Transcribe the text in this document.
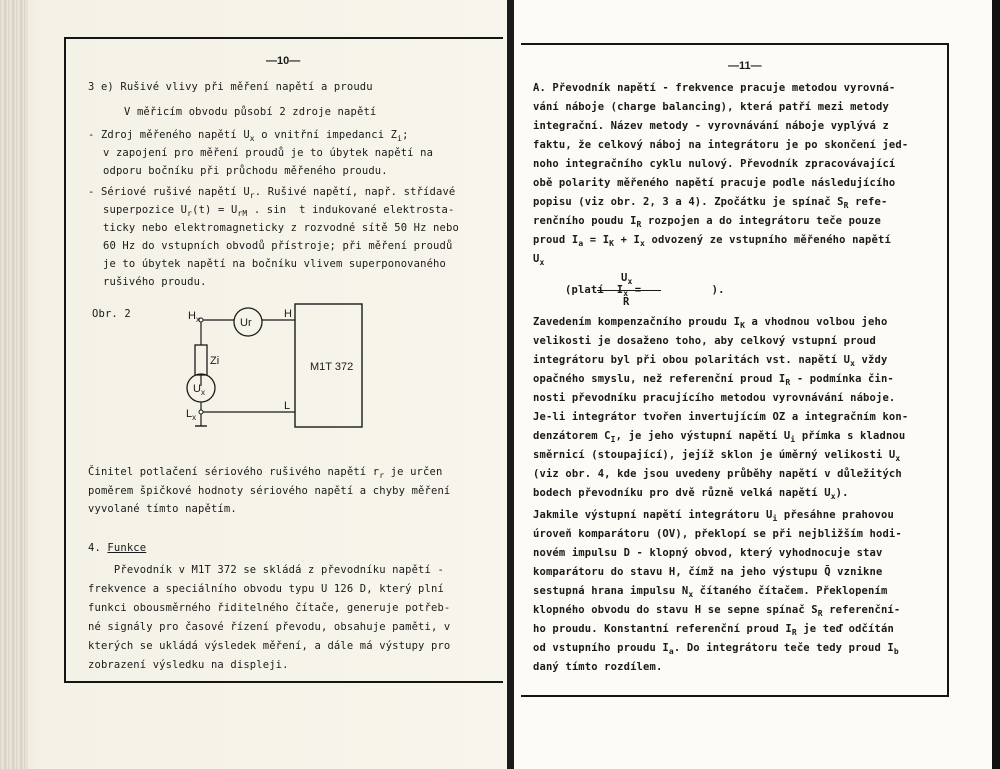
—10—
3 e) Rušivé vlivy při měření napětí a proudu
V měřicím obvodu působí 2 zdroje napětí
- Zdroj měřeného napětí $U_x$ o vnitřní impedanci $Z_i$;
v zapojení pro měření proudů je to úbytek napětí na
odporu bočníku při průchodu měřeného proudu.
- Sériové rušivé napětí $U_r$. Rušivé napětí, např. střídavé
superpozice $U_r(t) = U_{rM}$ . sin  t indukované elektrosta-
ticky nebo elektromagneticky z rozvodné sítě 50 Hz nebo
60 Hz do vstupních obvodů přístroje; při měření proudů
je to úbytek napětí na bočníku vlivem superponovaného
rušivého proudu.
Obr. 2	$H_x$	Ur
H
Zi
$U_x$
L
$L_x$
M1T 372
Činitel potlačení sériového rušivého napětí $r_r$ je určen
poměrem špičkové hodnoty sériového napětí a chyby měření
vyvolané tímto napětím.
4. Funkce
Převodník v M1T 372 se skládá z převodníku napětí -
frekvence a speciálního obvodu typu U 126 D, který plní
funkci obousměrného řiditelného čítače, generuje potřeb-
né signály pro časové řízení převodu, obsahuje paměti, v
kterých se ukládá výsledek měření, a dále má výstupy pro
zobrazení výsledku na displeji.
—11—
A. Převodník napětí - frekvence pracuje metodou vyrovná-
vání náboje (charge balancing), která patří mezi metody
integrační. Název metody - vyrovnávání náboje vyplývá z
faktu, že celkový náboj na integrátoru je po skončení jed-
noho integračního cyklu nulový. Převodník zpracovávající
obě polarity měřeného napětí pracuje podle následujícího
popisu (viz obr. 2, 3 a 4). Zpočátku je spínač $S_R$ refe-
renčního poudu $I_R$ rozpojen a do integrátoru teče pouze
proud $I_a = I_K + I_x$ odvozený ze vstupního měřeného napětí
$U_x$
$U_x$
(platí  $I_x$ =	).
R
Zavedením kompenzačního proudu $I_K$ a vhodnou volbou jeho
velikosti je dosaženo toho, aby celkový vstupní proud
integrátoru byl při obou polaritách vst. napětí $U_x$ vždy
opačného smyslu, než referenční proud $I_R$ - podmínka čin-
nosti převodníku pracujícího metodou vyrovnávání náboje.
Je-li integrátor tvořen invertujícím OZ a integračním kon-
denzátorem $C_I$, je jeho výstupní napětí $U_i$ přímka s kladnou
směrnicí (stoupající), jejíž sklon je úměrný velikosti $U_x$
(viz obr. 4, kde jsou uvedeny průběhy napětí v důležitých
bodech převodníku pro dvě různě velká napětí $U_x$).
Jakmile výstupní napětí integrátoru $U_i$ přesáhne prahovou
úroveň komparátoru (OV), překlopí se při nejbližším hodi-
novém impulsu D - klopný obvod, který vyhodnocuje stav
komparátoru do stavu H, čímž na jeho výstupu Q̄ vznikne
sestupná hrana impulsu $N_x$ čítaného čítačem. Překlopením
klopného obvodu do stavu H se sepne spínač $S_R$ referenční-
ho proudu. Konstantní referenční proud $I_R$ je teď odčítán
od vstupního proudu $I_a$. Do integrátoru teče tedy proud $I_b$
daný tímto rozdílem.
